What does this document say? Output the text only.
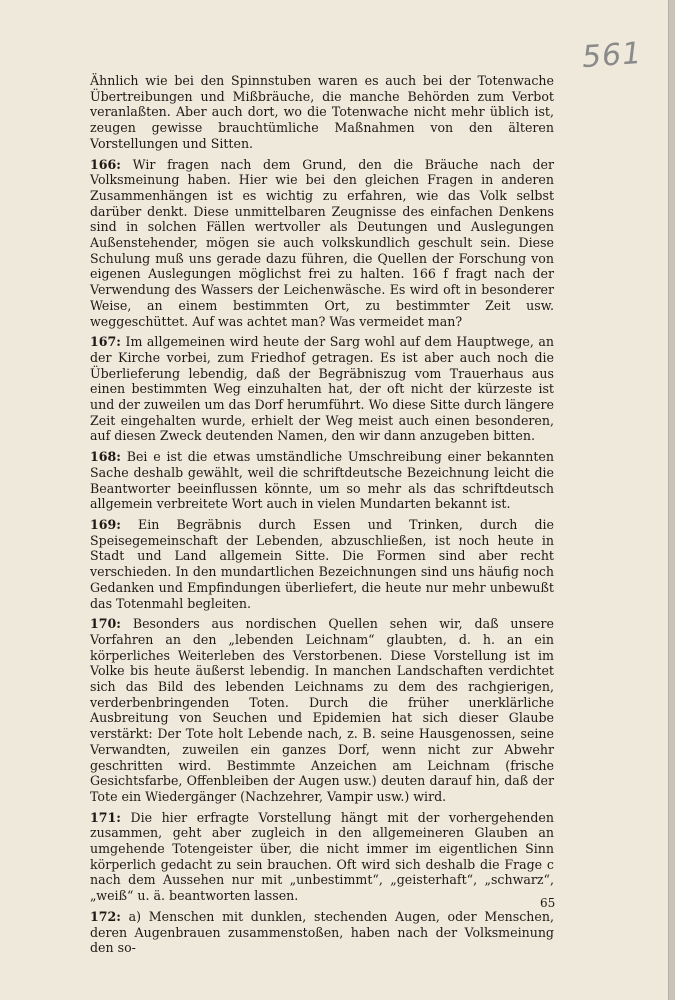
561

Ähnlich wie bei den Spinnstuben waren es auch bei der Totenwache Übertreibungen und Mißbräuche, die manche Behörden zum Verbot veranlaßten. Aber auch dort, wo die Totenwache nicht mehr üblich ist, zeugen gewisse brauchtümliche Maßnahmen von den älteren Vorstellungen und Sitten.

166: Wir fragen nach dem Grund, den die Bräuche nach der Volksmeinung haben. Hier wie bei den gleichen Fragen in anderen Zusammenhängen ist es wichtig zu erfahren, wie das Volk selbst darüber denkt. Diese unmittelbaren Zeugnisse des einfachen Denkens sind in solchen Fällen wertvoller als Deutungen und Auslegungen Außenstehender, mögen sie auch volkskundlich geschult sein. Diese Schulung muß uns gerade dazu führen, die Quellen der Forschung von eigenen Auslegungen möglichst frei zu halten. 166 f fragt nach der Verwendung des Wassers der Leichenwäsche. Es wird oft in besonderer Weise, an einem bestimmten Ort, zu bestimmter Zeit usw. weggeschüttet. Auf was achtet man? Was vermeidet man?

167: Im allgemeinen wird heute der Sarg wohl auf dem Hauptwege, an der Kirche vorbei, zum Friedhof getragen. Es ist aber auch noch die Überlieferung lebendig, daß der Begräbniszug vom Trauerhaus aus einen bestimmten Weg einzuhalten hat, der oft nicht der kürzeste ist und der zuweilen um das Dorf herumführt. Wo diese Sitte durch längere Zeit eingehalten wurde, erhielt der Weg meist auch einen besonderen, auf diesen Zweck deutenden Namen, den wir dann anzugeben bitten.

168: Bei e ist die etwas umständliche Umschreibung einer bekannten Sache deshalb gewählt, weil die schriftdeutsche Bezeichnung leicht die Beantworter beeinflussen könnte, um so mehr als das schriftdeutsch allgemein verbreitete Wort auch in vielen Mundarten bekannt ist.

169: Ein Begräbnis durch Essen und Trinken, durch die Speisegemeinschaft der Lebenden, abzuschließen, ist noch heute in Stadt und Land allgemein Sitte. Die Formen sind aber recht verschieden. In den mundartlichen Bezeichnungen sind uns häufig noch Gedanken und Empfindungen überliefert, die heute nur mehr unbewußt das Totenmahl begleiten.

170: Besonders aus nordischen Quellen sehen wir, daß unsere Vorfahren an den „lebenden Leichnam“ glaubten, d. h. an ein körperliches Weiterleben des Verstorbenen. Diese Vorstellung ist im Volke bis heute äußerst lebendig. In manchen Landschaften verdichtet sich das Bild des lebenden Leichnams zu dem des rachgierigen, verderbenbringenden Toten. Durch die früher unerklärliche Ausbreitung von Seuchen und Epidemien hat sich dieser Glaube verstärkt: Der Tote holt Lebende nach, z. B. seine Hausgenossen, seine Verwandten, zuweilen ein ganzes Dorf, wenn nicht zur Abwehr geschritten wird. Bestimmte Anzeichen am Leichnam (frische Gesichtsfarbe, Offenbleiben der Augen usw.) deuten darauf hin, daß der Tote ein Wiedergänger (Nachzehrer, Vampir usw.) wird.

171: Die hier erfragte Vorstellung hängt mit der vorhergehenden zusammen, geht aber zugleich in den allgemeineren Glauben an umgehende Totengeister über, die nicht immer im eigentlichen Sinn körperlich gedacht zu sein brauchen. Oft wird sich deshalb die Frage c nach dem Aussehen nur mit „unbestimmt“, „geisterhaft“, „schwarz“, „weiß“ u. ä. beantworten lassen.

172: a) Menschen mit dunklen, stechenden Augen, oder Menschen, deren Augenbrauen zusammenstoßen, haben nach der Volksmeinung den so-

65
